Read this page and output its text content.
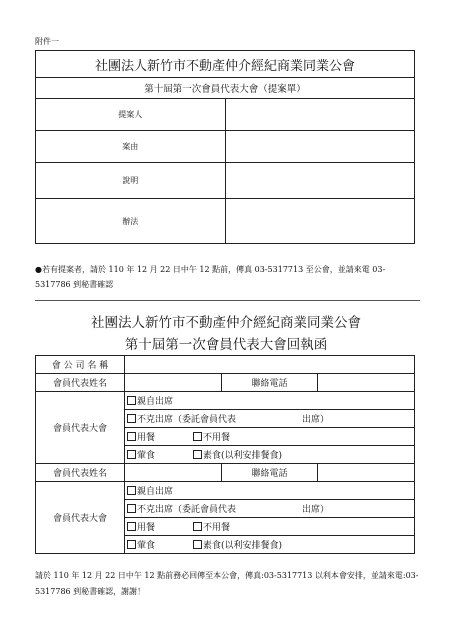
附件一
社團法人新竹市不動產仲介經紀商業同業公會	
第十屆第一次會員代表大會（提案單）	
提案人	
案由	
說明	
辦法	
●若有提案者，請於 110 年 12 月 22 日中午 12 點前，傳真 03-5317713 至公會，並請來電 03-5317786 到秘書確認
社團法人新竹市不動產仲介經紀商業同業公會
第十屆第一次會員代表大會回執函
會 公 司 名 稱			
會員代表姓名		聯絡電話	
會員代表大會	親自出席		
	不克出席（委託會員代表 出席）		
	用餐 不用餐		
	葷食 素食(以利安排餐食)		
會員代表姓名		聯絡電話	
會員代表大會	親自出席		
	不克出席（委託會員代表 出席）		
	用餐 不用餐		
	葷食 素食(以利安排餐食)		
請於 110 年 12 月 22 日中午 12 點前務必回傳至本公會，傳真:03-5317713 以利本會安排，並請來電:03-5317786 到秘書確認，謝謝！
